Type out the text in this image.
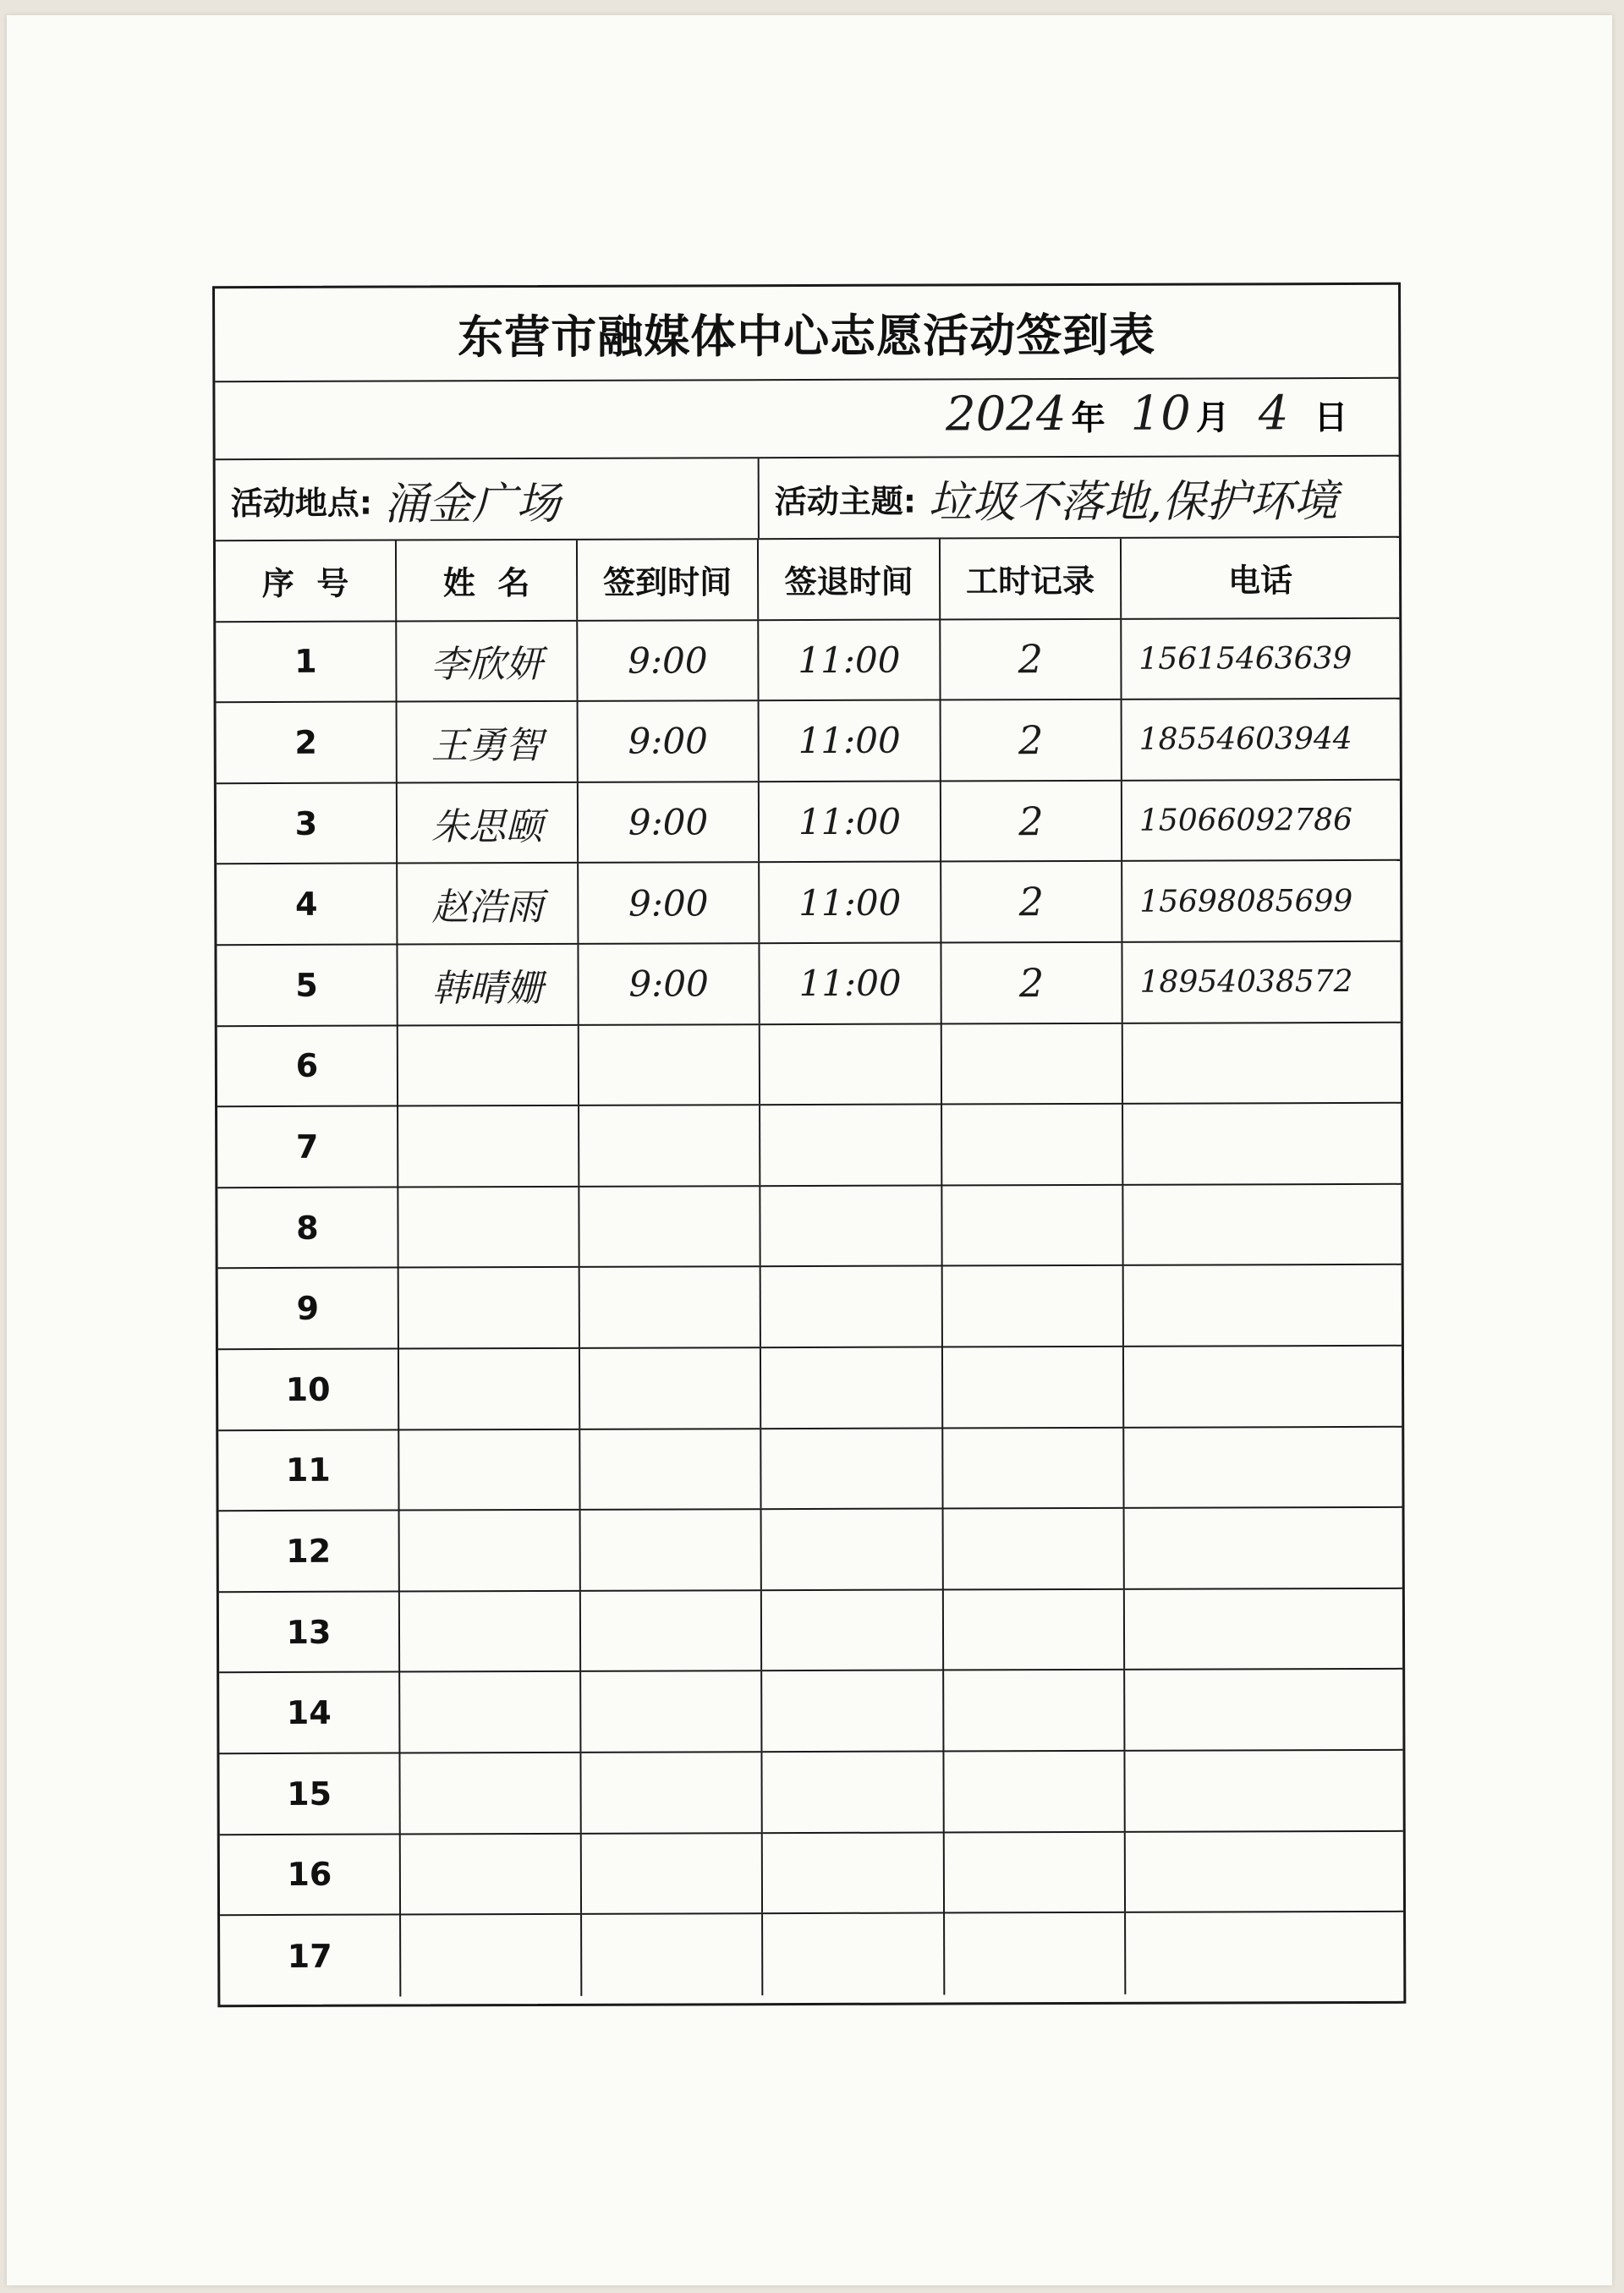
东营市融媒体中心志愿活动签到表
2024 年 10 月 4 日
活动地点: 涌金广场	活动主题: 垃圾不落地,保护环境
序  号	姓  名	签到时间	签退时间	工时记录	电话
1	李欣妍	9:00	11:00	2	15615463639
2	王勇智	9:00	11:00	2	18554603944
3	朱思颐	9:00	11:00	2	15066092786
4	赵浩雨	9:00	11:00	2	15698085699
5	韩晴姗	9:00	11:00	2	18954038572
6
7
8
9
10
11
12
13
14
15
16
17
